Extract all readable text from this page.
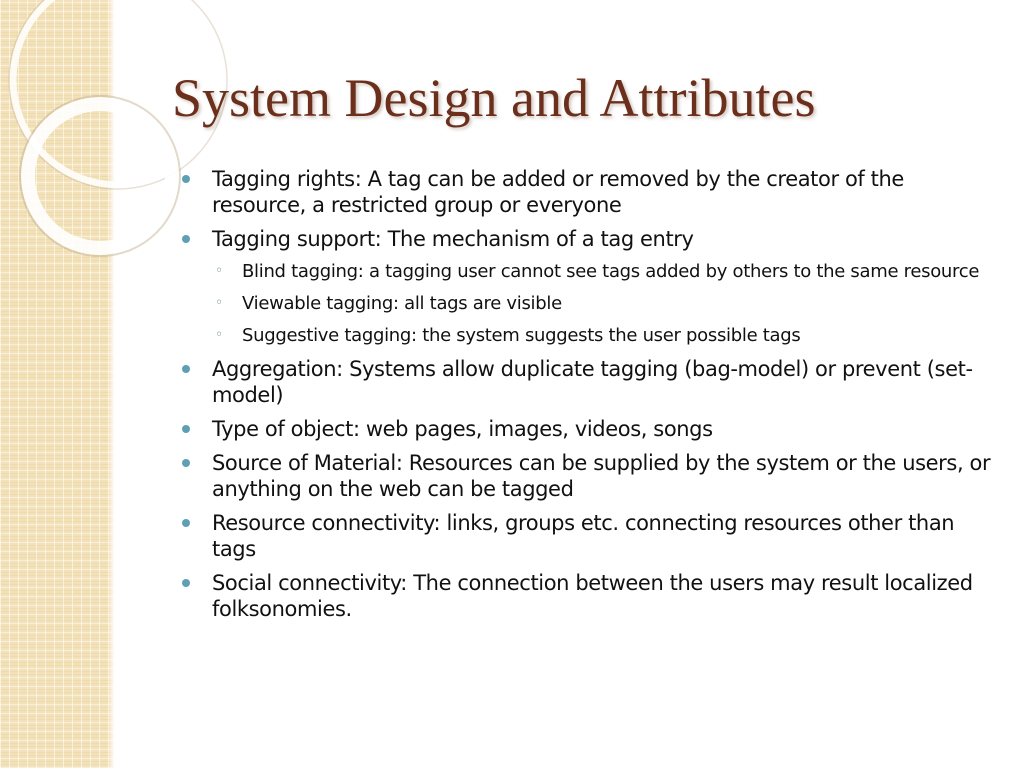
System Design and Attributes
Tagging rights: A tag can be added or removed by the creator of the resource, a restricted group or everyone
Tagging support: The mechanism of a tag entry
◦ Blind tagging: a tagging user cannot see tags added by others to the same resource
◦ Viewable tagging: all tags are visible
◦ Suggestive tagging: the system suggests the user possible tags
Aggregation: Systems allow duplicate tagging (bag-model) or prevent (set-model)
Type of object: web pages, images, videos, songs
Source of Material: Resources can be supplied by the system or the users, or anything on the web can be tagged
Resource connectivity: links, groups etc. connecting resources other than tags
Social connectivity: The connection between the users may result localized folksonomies.
